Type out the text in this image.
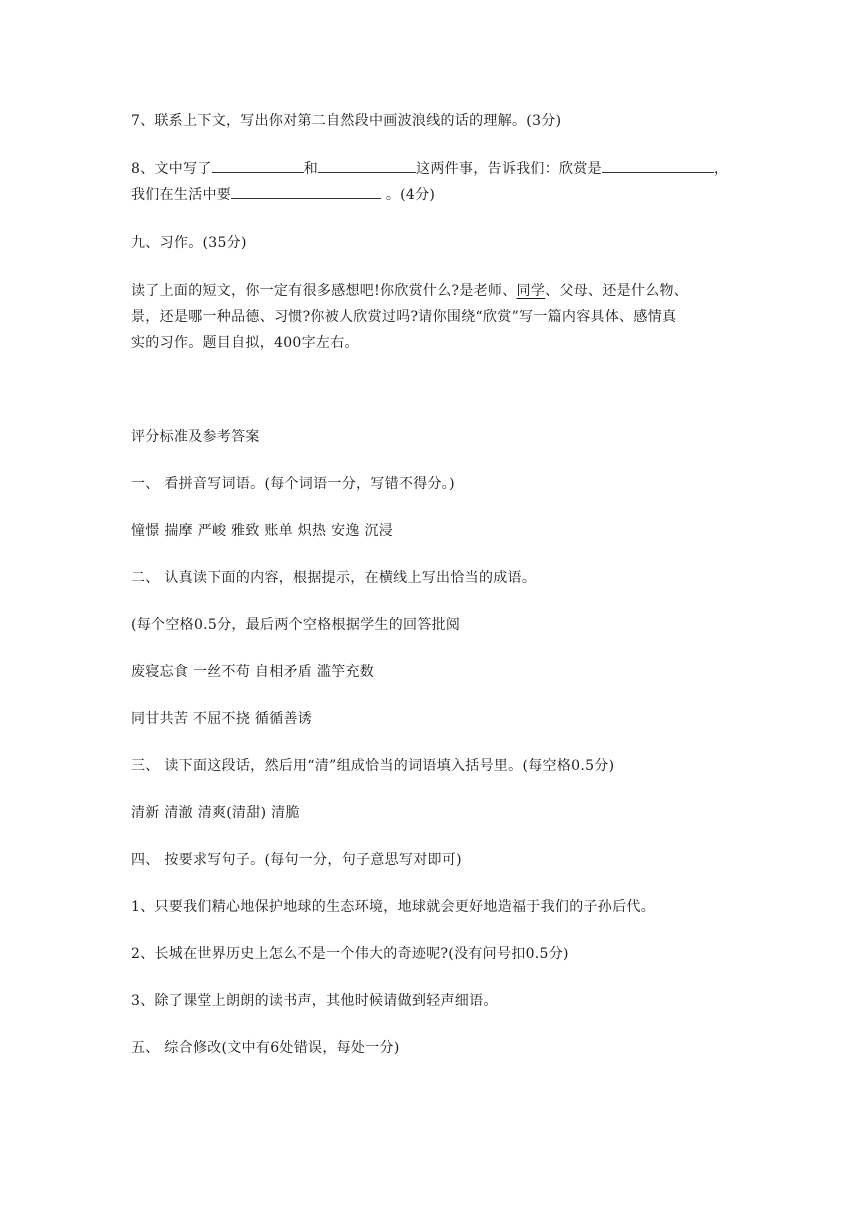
7、联系上下文，写出你对第二自然段中画波浪线的话的理解。(3分)
8、文中写了	和	这两件事，告诉我们：欣赏是	，
我们在生活中要	。(4分)
九、习作。(35分)
读了上面的短文，你一定有很多感想吧!你欣赏什么?是老师、同学、父母、还是什么物、
景，还是哪一种品德、习惯?你被人欣赏过吗?请你围绕“欣赏”写一篇内容具体、感情真
实的习作。题目自拟，400字左右。
评分标准及参考答案
一、 看拼音写词语。(每个词语一分，写错不得分。)
憧憬 揣摩 严峻 雅致 账单 炽热 安逸 沉浸
二、 认真读下面的内容，根据提示，在横线上写出恰当的成语。
(每个空格0.5分，最后两个空格根据学生的回答批阅
废寝忘食 一丝不苟 自相矛盾 滥竽充数
同甘共苦 不屈不挠 循循善诱
三、 读下面这段话，然后用“清”组成恰当的词语填入括号里。(每空格0.5分)
清新 清澈 清爽(清甜) 清脆
四、 按要求写句子。(每句一分，句子意思写对即可)
1、只要我们精心地保护地球的生态环境，地球就会更好地造福于我们的子孙后代。
2、长城在世界历史上怎么不是一个伟大的奇迹呢?(没有问号扣0.5分)
3、除了课堂上朗朗的读书声，其他时候请做到轻声细语。
五、 综合修改(文中有6处错误，每处一分)
